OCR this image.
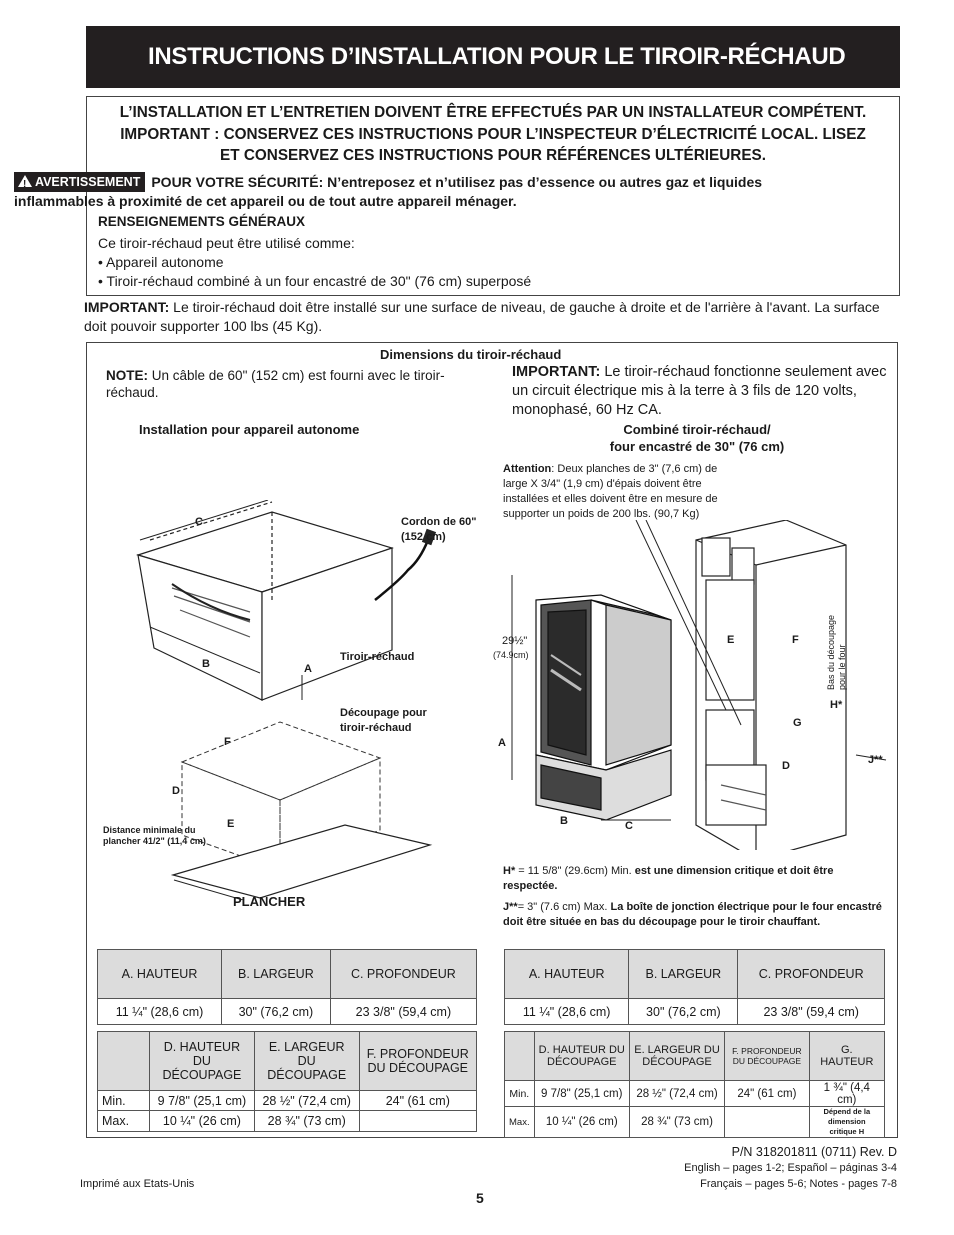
INSTRUCTIONS D’INSTALLATION POUR LE TIROIR-RÉCHAUD
L’INSTALLATION ET L’ENTRETIEN DOIVENT ÊTRE EFFECTUÉS PAR UN INSTALLATEUR COMPÉTENT.
IMPORTANT : CONSERVEZ CES INSTRUCTIONS POUR L’INSPECTEUR D’ÉLECTRICITÉ LOCAL. LISEZ
ET CONSERVEZ CES INSTRUCTIONS POUR RÉFÉRENCES ULTÉRIEURES.
! AVERTISSEMENT POUR VOTRE SÉCURITÉ: N’entreposez et n’utilisez pas d’essence ou autres gaz et liquides inflammables à proximité de cet appareil ou de tout autre appareil ménager.
RENSEIGNEMENTS GÉNÉRAUX
Ce tiroir-réchaud peut être utilisé comme:
• Appareil autonome
• Tiroir-réchaud combiné à un four encastré de 30" (76 cm) superposé
IMPORTANT: Le tiroir-réchaud doit être installé sur une surface de niveau, de gauche à droite et de l'arrière à l'avant. La surface doit pouvoir supporter 100 lbs (45 Kg).
Dimensions du tiroir-réchaud
NOTE: Un câble de 60" (152 cm) est fourni avec le tiroir-réchaud.
IMPORTANT: Le tiroir-réchaud fonctionne seulement avec un circuit électrique mis à la terre à 3 fils de 120 volts, monophasé, 60 Hz CA.
Installation pour appareil autonome	Combiné tiroir-réchaud/
four encastré de 30" (76 cm)
C
B	A
F
D
E
Cordon de 60" (152 cm)
Tiroir-réchaud
Découpage pour tiroir-réchaud
Distance minimale du plancher 41/2" (11,4 cm)
PLANCHER
Attention: Deux planches de 3" (7,6 cm) de large X 3/4" (1,9 cm) d'épais doivent être installées et elles doivent être en mesure de supporter un poids de 200 lbs. (90,7 Kg)
29½"
(74.9cm)
A
B	C
E	F
G
D
H*
J**
Bas du découpage pour le four
H* = 11 5/8" (29.6cm) Min. est une dimension critique et doit être respectée.
J**= 3" (7.6 cm) Max. La boîte de jonction électrique pour le four encastré doit être située en bas du découpage pour le tiroir chauffant.
A. HAUTEUR	B. LARGEUR	C. PROFONDEUR
11 ¼" (28,6 cm)	30" (76,2 cm)	23 3/8" (59,4 cm)
	D. HAUTEUR DU DÉCOUPAGE	E. LARGEUR DU DÉCOUPAGE	F. PROFONDEUR DU DÉCOUPAGE
Min.	9 7/8" (25,1 cm)	28 ½" (72,4 cm)	24" (61 cm)
Max.	10 ¼" (26 cm)	28 ¾" (73 cm)	
A. HAUTEUR	B. LARGEUR	C. PROFONDEUR
11 ¼" (28,6 cm)	30" (76,2 cm)	23 3/8" (59,4 cm)
	D. HAUTEUR DU DÉCOUPAGE	E. LARGEUR DU DÉCOUPAGE	F. PROFONDEUR DU DÉCOUPAGE	G. HAUTEUR
Min.	9 7/8" (25,1 cm)	28 ½" (72,4 cm)	24" (61 cm)	1 ¾" (4,4 cm)
Max.	10 ¼" (26 cm)	28 ¾" (73 cm)		Dépend de la dimension critique H
Imprimé aux Etats-Unis
5
P/N 318201811 (0711) Rev. D
English – pages 1-2; Español – páginas 3-4
Français – pages 5-6; Notes - pages 7-8
